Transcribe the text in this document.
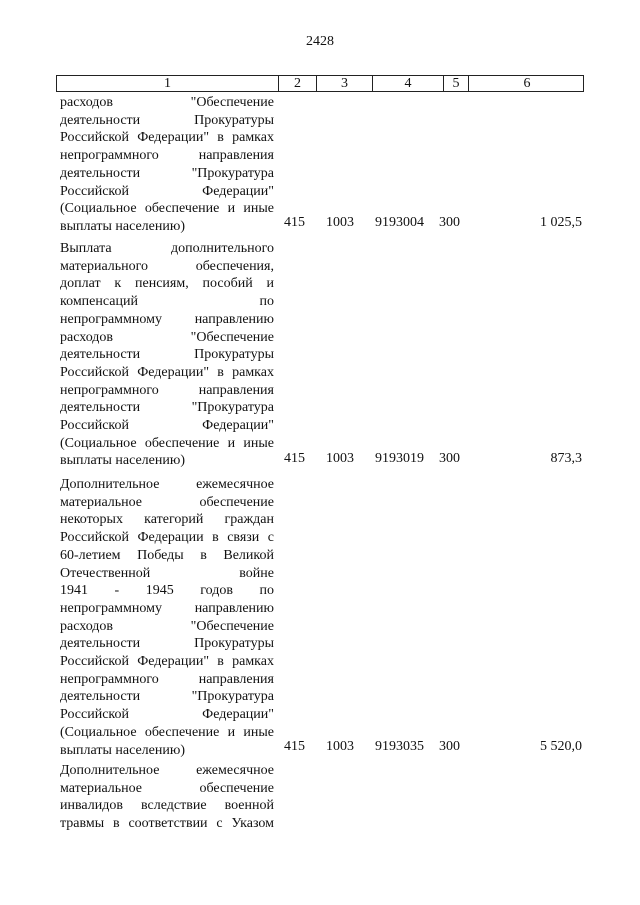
2428
1	2	3	4	5	6
расходов "Обеспечение
деятельности Прокуратуры
Российской Федерации" в рамках
непрограммного направления
деятельности "Прокуратура
Российской Федерации"
(Социальное обеспечение и иные
выплаты населению)	415 1003 9193004 300	1 025,5
Выплата дополнительного
материального обеспечения,
доплат к пенсиям, пособий и
компенсаций по
непрограммному направлению
расходов "Обеспечение
деятельности Прокуратуры
Российской Федерации" в рамках
непрограммного направления
деятельности "Прокуратура
Российской Федерации"
(Социальное обеспечение и иные
выплаты населению)	415 1003 9193019 300	873,3
Дополнительное ежемесячное
материальное обеспечение
некоторых категорий граждан
Российской Федерации в связи с
60-летием Победы в Великой
Отечественной войне
1941 - 1945 годов по
непрограммному направлению
расходов "Обеспечение
деятельности Прокуратуры
Российской Федерации" в рамках
непрограммного направления
деятельности "Прокуратура
Российской Федерации"
(Социальное обеспечение и иные
выплаты населению)	415 1003 9193035 300	5 520,0
Дополнительное ежемесячное
материальное обеспечение
инвалидов вследствие военной
травмы в соответствии с Указом
